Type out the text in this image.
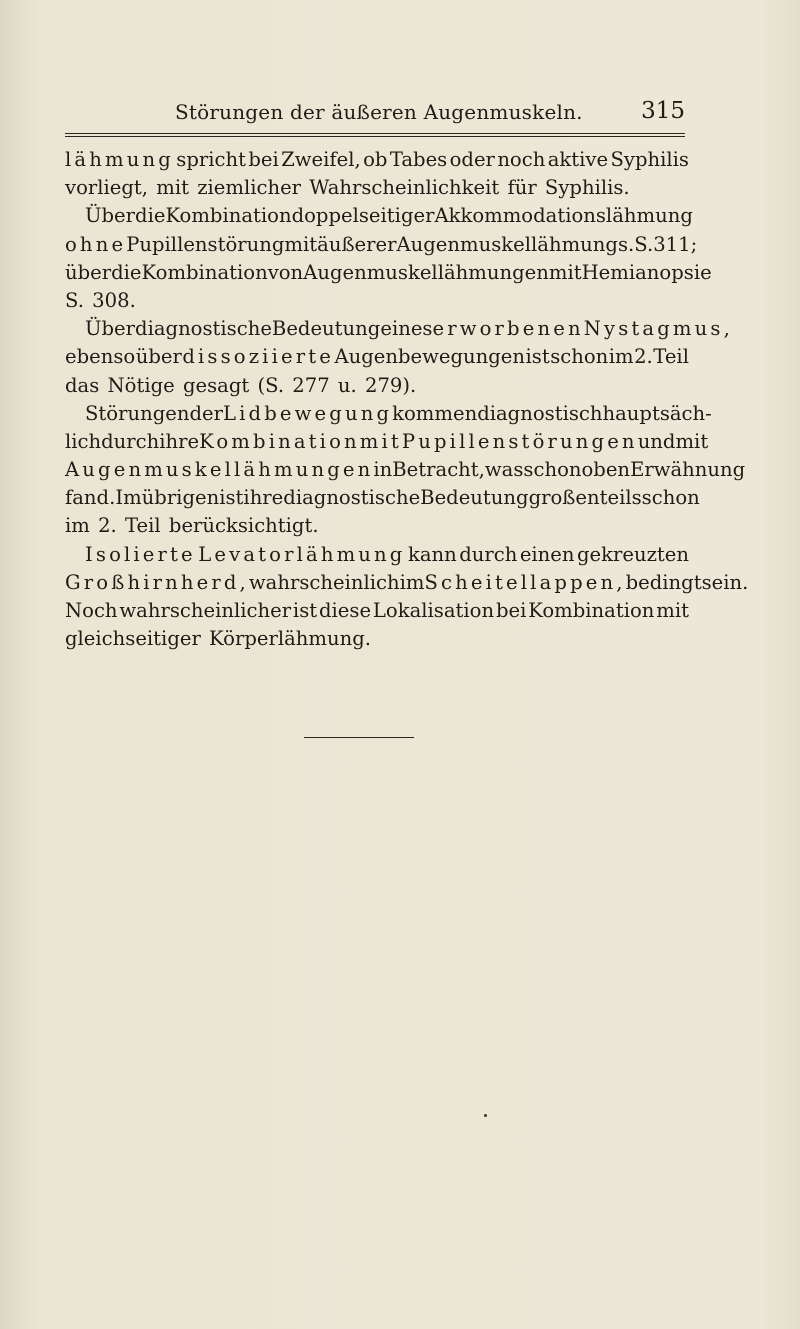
Störungen der äußeren Augenmuskeln.	315
lähmung spricht bei Zweifel, ob Tabes oder noch aktive Syphilis
vorliegt, mit ziemlicher Wahrscheinlichkeit für Syphilis.
Über die Kombination doppelseitiger Akkommodationslähmung
ohne Pupillenstörung mit äußerer Augenmuskellähmung s. S. 311;
über die Kombination von Augenmuskellähmungen mit Hemianopsie
S. 308.
Über diagnostische Bedeutung eines erworbenen Nystagmus,
ebenso über dissoziierte Augenbewegungen ist schon im 2. Teil
das Nötige gesagt (S. 277 u. 279).
Störungen der Lidbewegung kommen diagnostisch hauptsäch-
lich durch ihre Kombination mit Pupillenstörungen und mit
Augenmuskellähmungen in Betracht, was schon oben Erwähnung
fand. Im übrigen ist ihre diagnostische Bedeutung großenteils schon
im 2. Teil berücksichtigt.
Isolierte Levatorlähmung kann durch einen gekreuzten
Großhirnherd, wahrscheinlich im Scheitellappen, bedingt sein.
Noch wahrscheinlicher ist diese Lokalisation bei Kombination mit
gleichseitiger Körperlähmung.
